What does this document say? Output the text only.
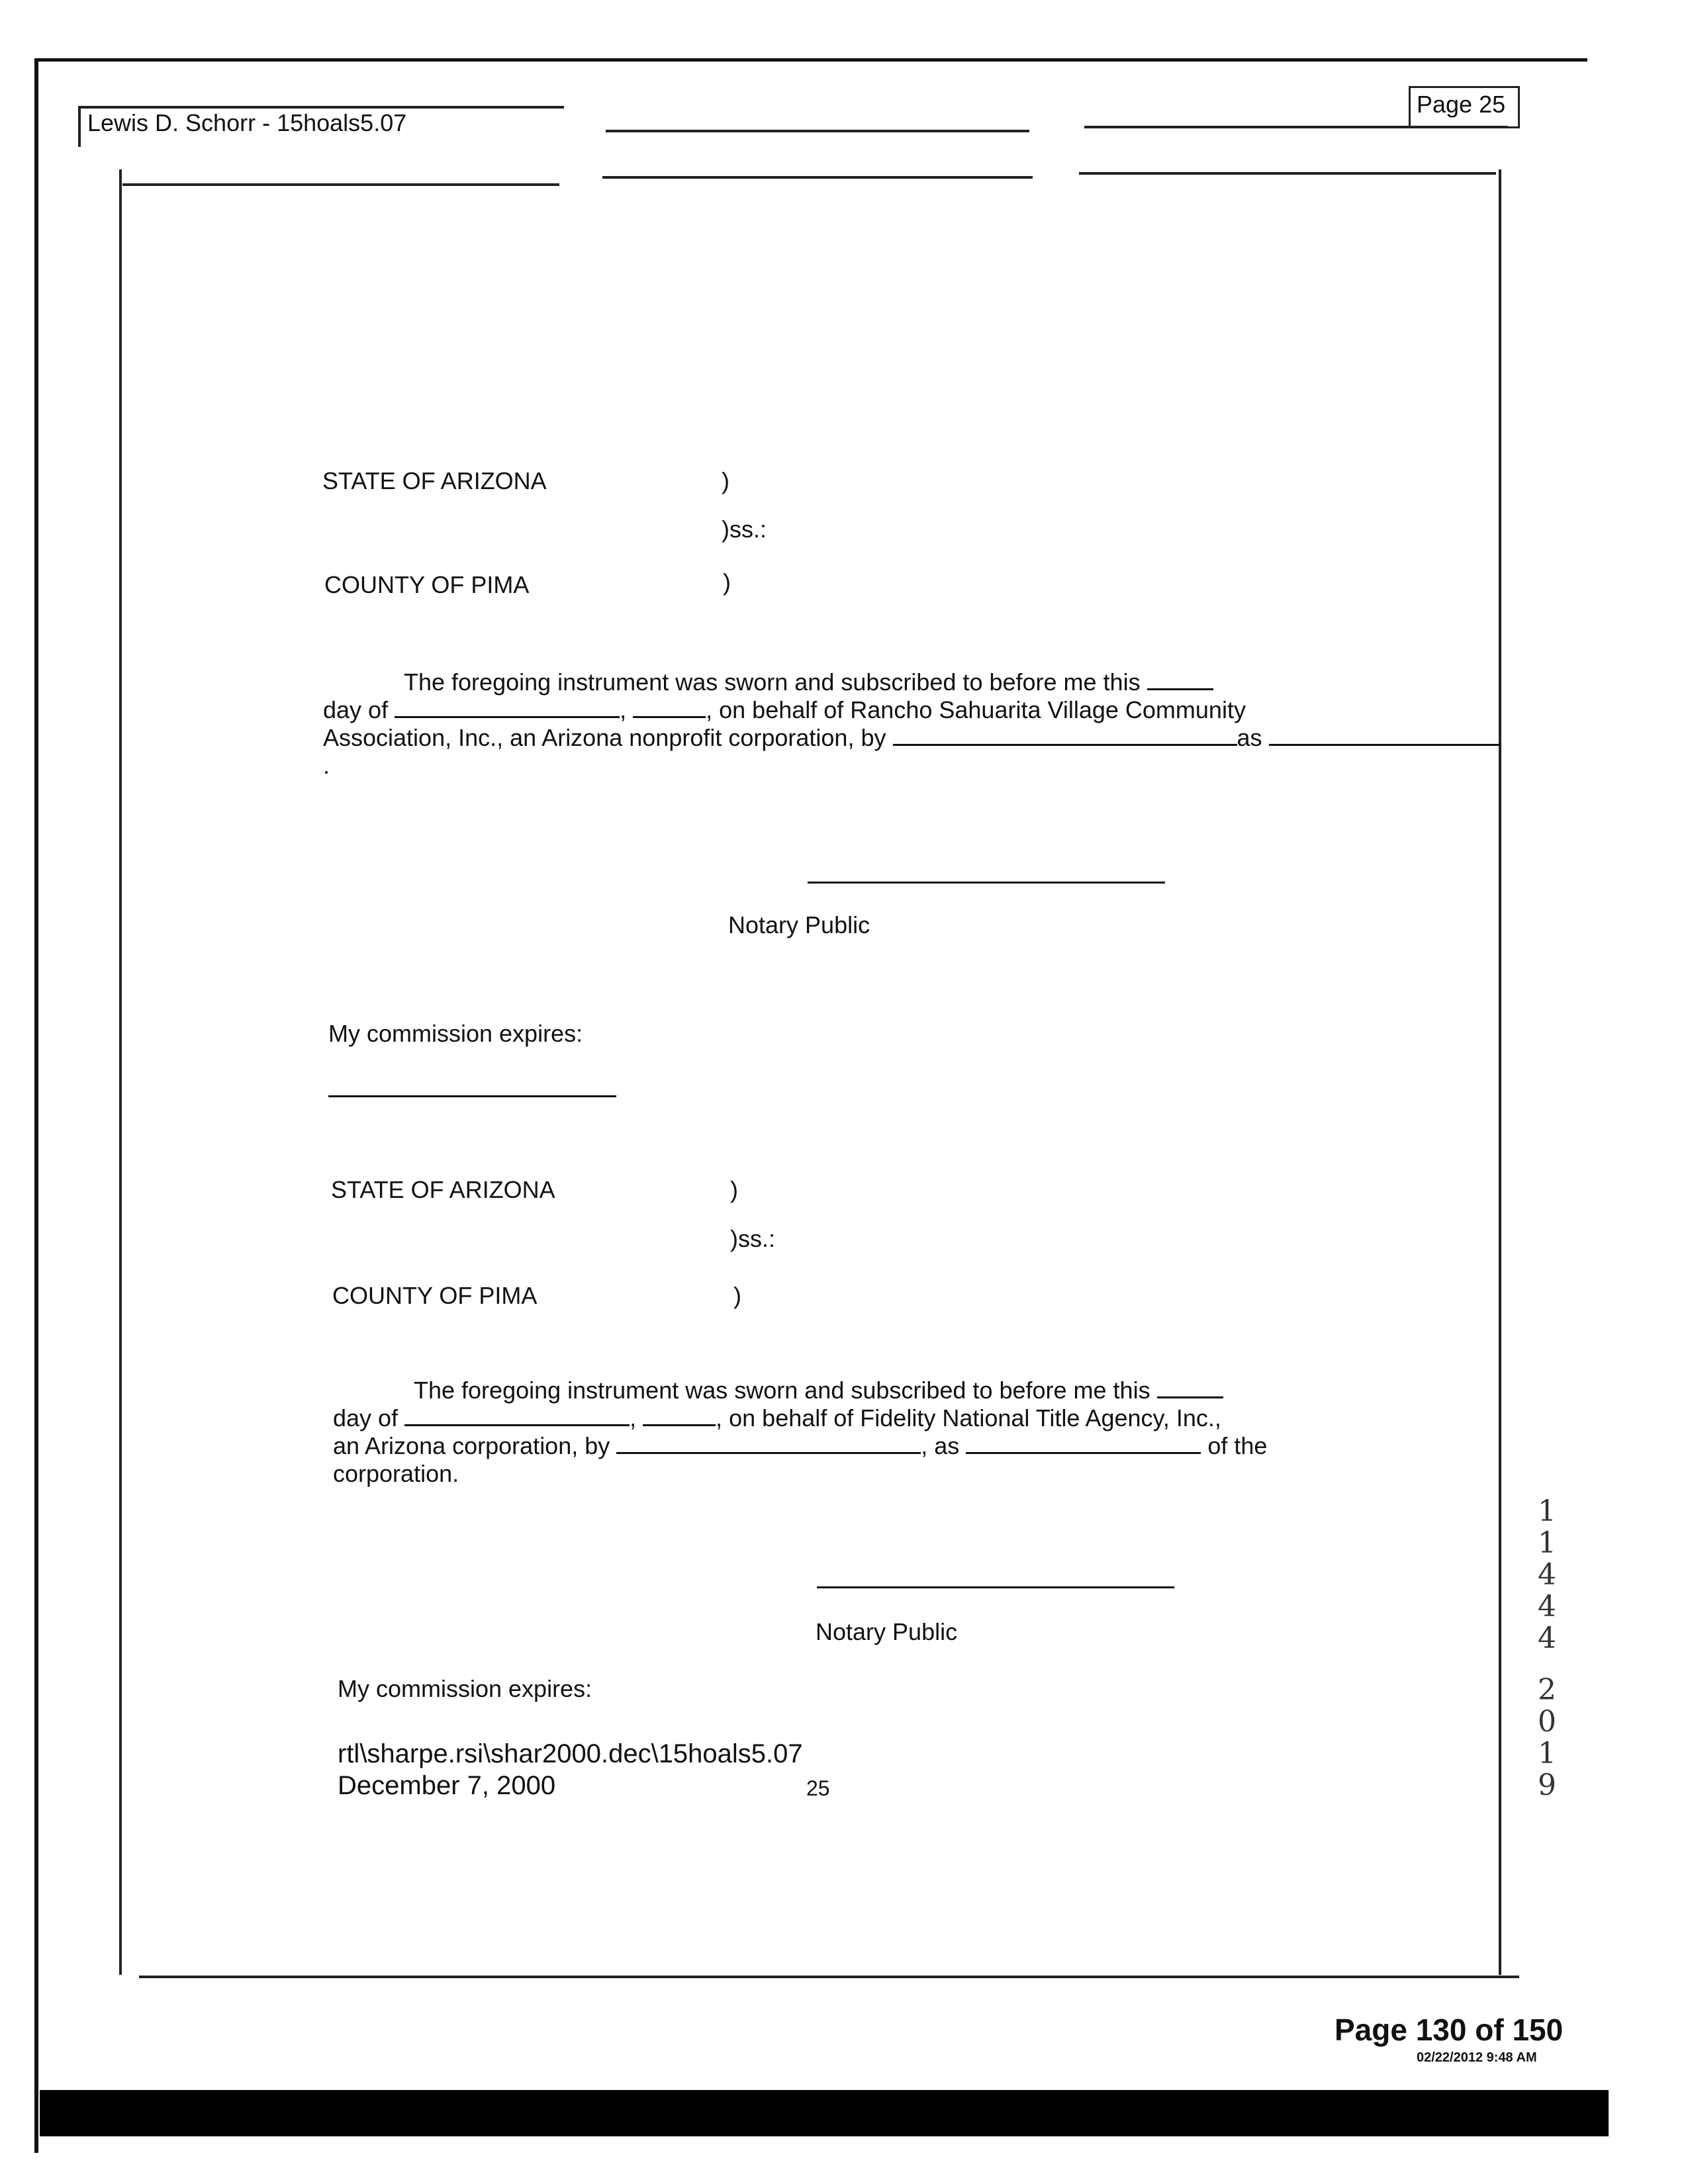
Lewis D. Schorr - 15hoals5.07
Page 25
STATE OF ARIZONA	)
)ss.:
COUNTY OF PIMA	)
The foregoing instrument was sworn and subscribed to before me this
day of	,	, on behalf of Rancho Sahuarita Village Community
Association, Inc., an Arizona nonprofit corporation, by	as
.
Notary Public
My commission expires:
STATE OF ARIZONA	)
)ss.:
COUNTY OF PIMA	)
The foregoing instrument was sworn and subscribed to before me this
day of	,	, on behalf of Fidelity National Title Agency, Inc.,
an Arizona corporation, by	, as	of the
corporation.
Notary Public
My commission expires:
rtl\sharpe.rsi\shar2000.dec\15hoals5.07
December 7, 2000	25
1
1
4
4
4
2
0
1
9
Page 130 of 150
02/22/2012 9:48 AM
